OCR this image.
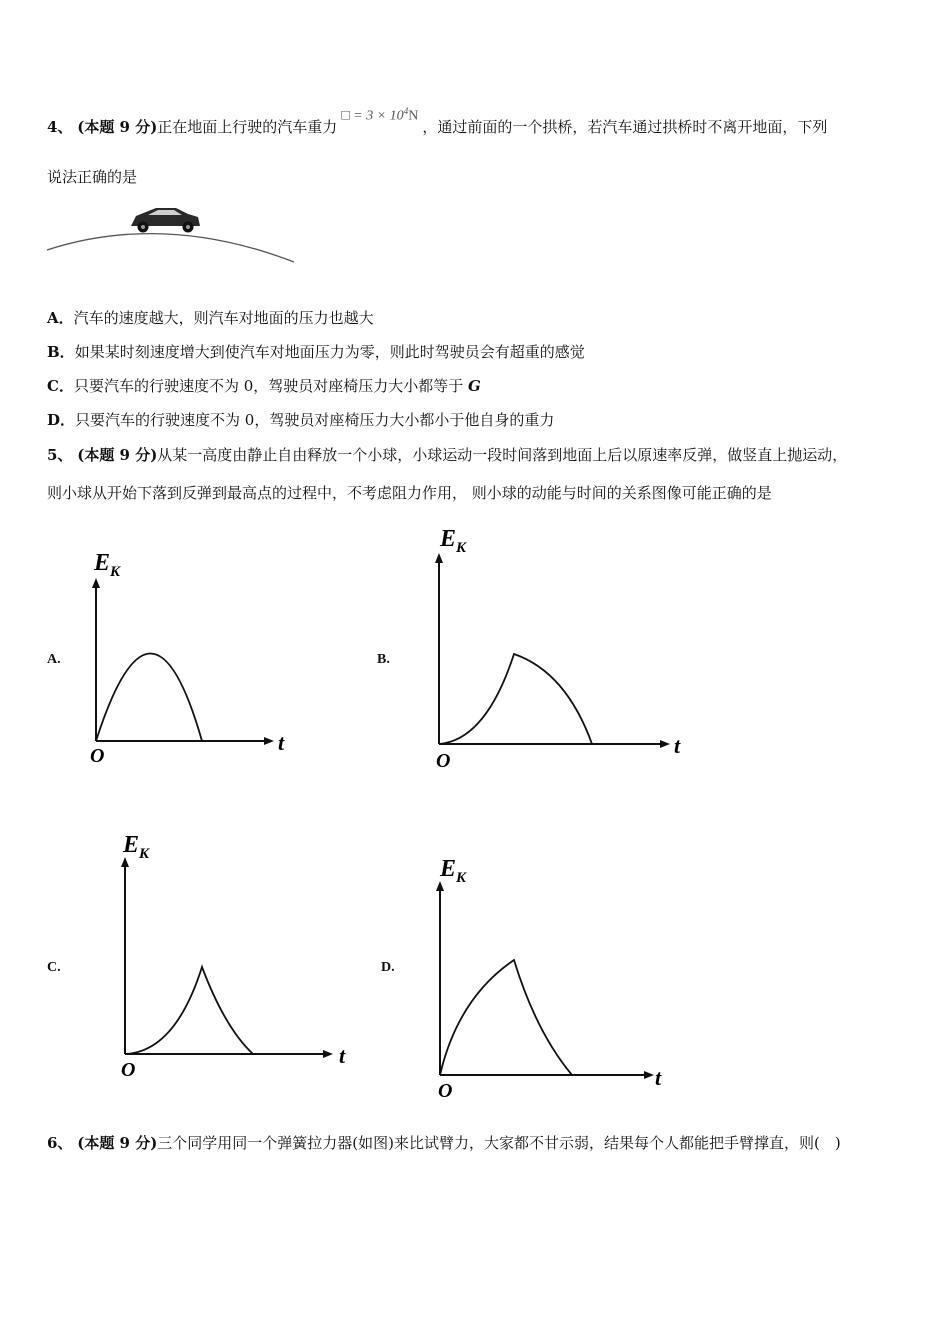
4、 (本题 9 分)正在地面上行驶的汽车重力□ = $3 \times 10^4N$，通过前面的一个拱桥，若汽车通过拱桥时不离开地面，下列
说法正确的是
A．汽车的速度越大，则汽车对地面的压力也越大
B．如果某时刻速度增大到使汽车对地面压力为零，则此时驾驶员会有超重的感觉
C．只要汽车的行驶速度不为 0，驾驶员对座椅压力大小都等于 G
D．只要汽车的行驶速度不为 0，驾驶员对座椅压力大小都小于他自身的重力
5、 (本题 9 分)从某一高度由静止自由释放一个小球，小球运动一段时间落到地面上后以原速率反弹，做竖直上抛运动，
则小球从开始下落到反弹到最高点的过程中，不考虑阻力作用， 则小球的动能与时间的关系图像可能正确的是
A.	B.
C.	D.
$E_K$
t
O
$E_K$
t
O
$E_K$
t
O
$E_K$
t
O
6、 (本题 9 分)三个同学用同一个弹簧拉力器(如图)来比试臂力，大家都不甘示弱，结果每个人都能把手臂撑直，则(　)
